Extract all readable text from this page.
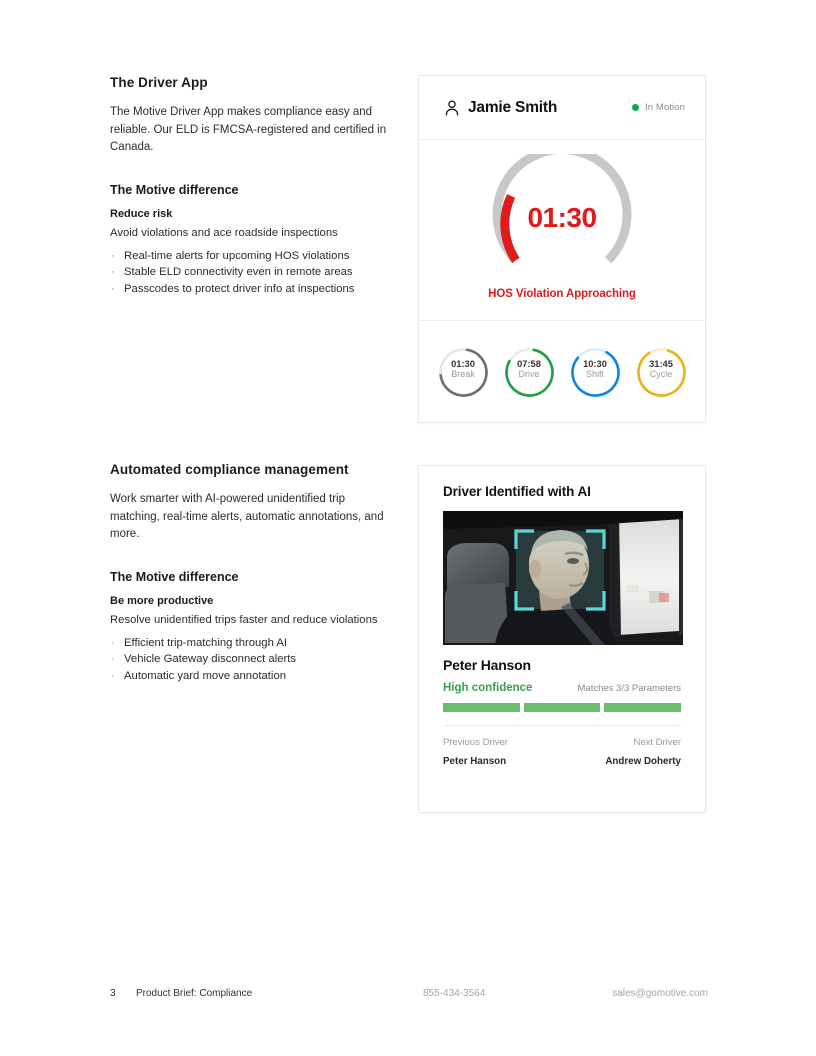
The Driver App

The Motive Driver App makes compliance easy and reliable. Our ELD is FMCSA-registered and certified in Canada.

The Motive difference
Reduce risk

Avoid violations and ace roadside inspections

· Real-time alerts for upcoming HOS violations
· Stable ELD connectivity even in remote areas
· Passcodes to protect driver info at inspections
Automated compliance management

Work smarter with AI-powered unidentified trip matching, real-time alerts, automatic annotations, and more.

The Motive difference
Be more productive

Resolve unidentified trips faster and reduce violations

· Efficient trip-matching through AI
· Vehicle Gateway disconnect alerts
· Automatic yard move annotation
Jamie Smith	In Motion
01:30
HOS Violation Approaching
01:30
Break
07:58
Drive
10:30
Shift
31:45
Cycle
Driver Identified with AI
Peter Hanson
High confidence	Matches 3/3 Parameters
Previous Driver
Peter Hanson
Next Driver
Andrew Doherty
3 Product Brief: Compliance	855-434-3564	sales@gomotive.com
